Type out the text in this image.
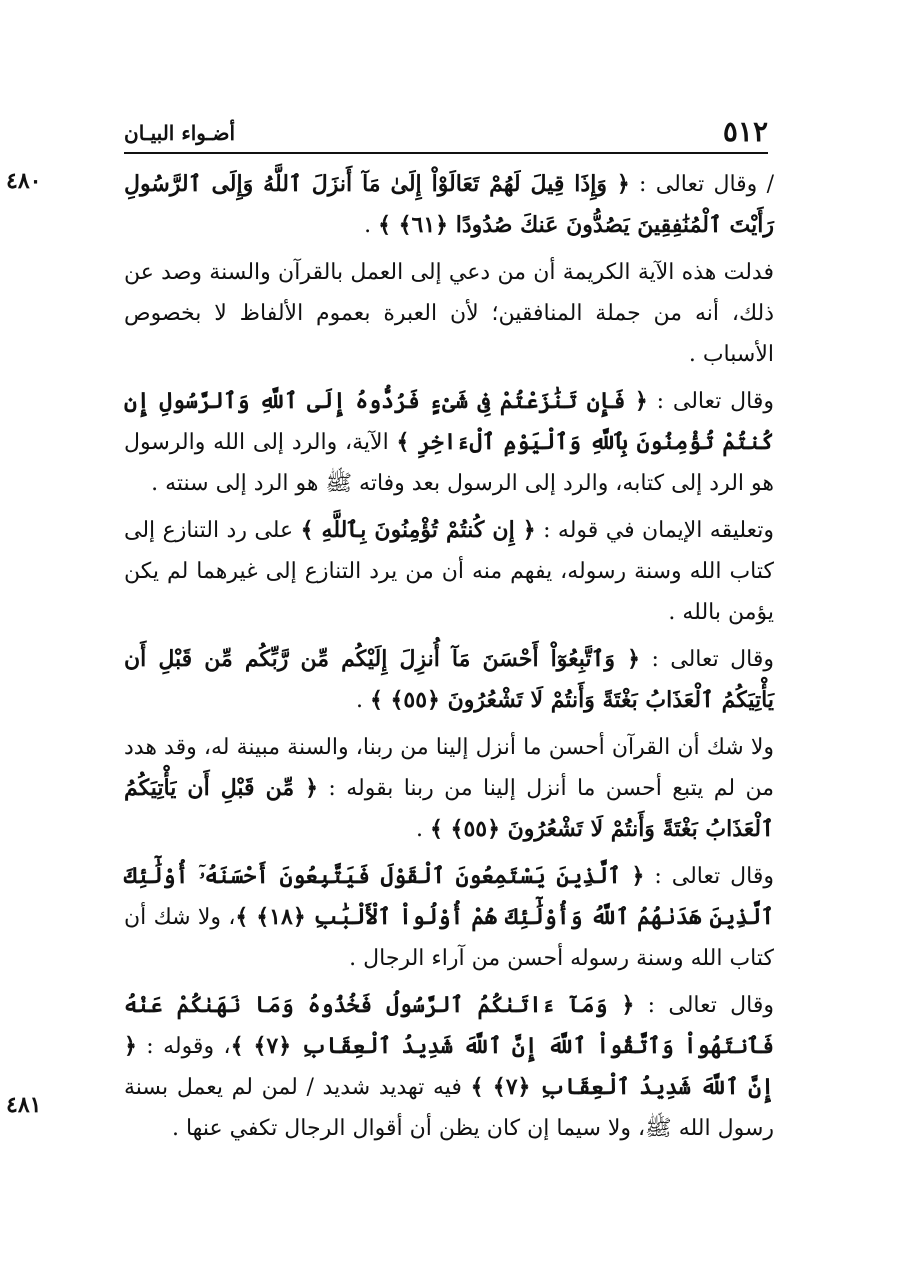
٥١٢
أضـواء البيـان
٤٨٠
٤٨١

/ وقال تعالى : ﴿ وَإِذَا قِيلَ لَهُمْ تَعَالَوْاْ إِلَىٰ مَآ أَنزَلَ ٱللَّهُ وَإِلَى ٱلرَّسُولِ رَأَيْتَ ٱلْمُنَٰفِقِينَ يَصُدُّونَ عَنكَ صُدُودًا ﴿٦١﴾ ﴾ .

فدلت هذه الآية الكريمة أن من دعي إلى العمل بالقرآن والسنة وصد عن ذلك، أنه من جملة المنافقين؛ لأن العبرة بعموم الألفاظ لا بخصوص الأسباب .

وقال تعالى : ﴿ فَإِن تَنَٰزَعْتُمْ فِى شَىْءٍ فَرُدُّوهُ إِلَى ٱللَّهِ وَٱلرَّسُولِ إِن كُنتُمْ تُؤْمِنُونَ بِٱللَّهِ وَٱلْيَوْمِ ٱلْءَاخِرِ ﴾ الآية، والرد إلى الله والرسول هو الرد إلى كتابه، والرد إلى الرسول بعد وفاته ﷺ هو الرد إلى سنته .

وتعليقه الإيمان في قوله : ﴿ إِن كُنتُمْ تُؤْمِنُونَ بِٱللَّهِ ﴾ على رد التنازع إلى كتاب الله وسنة رسوله، يفهم منه أن من يرد التنازع إلى غيرهما لم يكن يؤمن بالله .

وقال تعالى : ﴿ وَٱتَّبِعُوٓاْ أَحْسَنَ مَآ أُنزِلَ إِلَيْكُم مِّن رَّبِّكُم مِّن قَبْلِ أَن يَأْتِيَكُمُ ٱلْعَذَابُ بَغْتَةً وَأَنتُمْ لَا تَشْعُرُونَ ﴿٥٥﴾ ﴾ .

ولا شك أن القرآن أحسن ما أنزل إلينا من ربنا، والسنة مبينة له، وقد هدد من لم يتبع أحسن ما أنزل إلينا من ربنا بقوله : ﴿ مِّن قَبْلِ أَن يَأْتِيَكُمُ ٱلْعَذَابُ بَغْتَةً وَأَنتُمْ لَا تَشْعُرُونَ ﴿٥٥﴾ ﴾ .

وقال تعالى : ﴿ ٱلَّذِينَ يَسْتَمِعُونَ ٱلْقَوْلَ فَيَتَّبِعُونَ أَحْسَنَهُۥٓ أُوْلَٰٓئِكَ ٱلَّذِينَ هَدَىٰهُمُ ٱللَّهُ وَأُوْلَٰٓئِكَ هُمْ أُوْلُواْ ٱلْأَلْبَٰبِ ﴿١٨﴾ ﴾، ولا شك أن كتاب الله وسنة رسوله أحسن من آراء الرجال .

وقال تعالى : ﴿ وَمَآ ءَاتَىٰكُمُ ٱلرَّسُولُ فَخُذُوهُ وَمَا نَهَىٰكُمْ عَنْهُ فَٱنتَهُواْ وَٱتَّقُواْ ٱللَّهَ إِنَّ ٱللَّهَ شَدِيدُ ٱلْعِقَابِ ﴿٧﴾ ﴾، وقوله : ﴿ إِنَّ ٱللَّهَ شَدِيدُ ٱلْعِقَابِ ﴿٧﴾ ﴾ فيه تهديد شديد / لمن لم يعمل بسنة رسول الله ﷺ، ولا سيما إن كان يظن أن أقوال الرجال تكفي عنها .
